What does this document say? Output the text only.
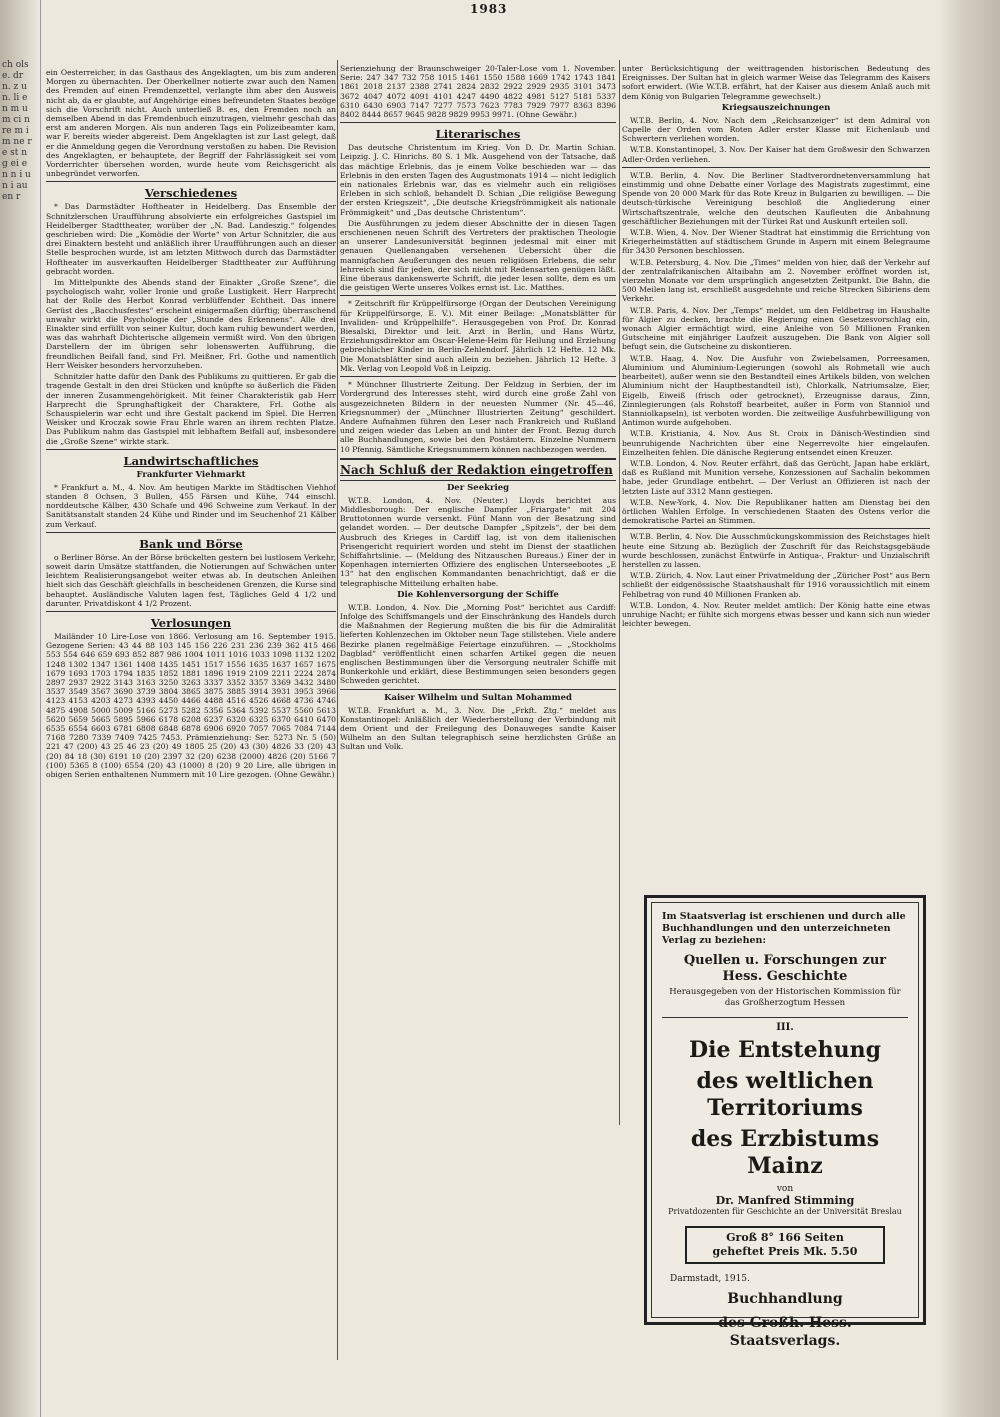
ch ols e. dr n. z u n. li e n m u m ci n re m i m ne re st ng ei en n i u n i au en r
1983

ein Oesterreicher, in das Gasthaus des Angeklagten, um bis zum anderen Morgen zu übernachten. Der Oberkellner notierte zwar auch den Namen des Fremden auf einen Fremdenzettel, verlangte ihm aber den Ausweis nicht ab, da er glaubte, auf Angehörige eines befreundeten Staates bezöge sich die Vorschrift nicht. Auch unterließ B. es, den Fremden noch an demselben Abend in das Fremdenbuch einzutragen, vielmehr geschah das erst am anderen Morgen. Als nun anderen Tags ein Polizeibeamter kam, war F. bereits wieder abgereist. Dem Angeklagten ist zur Last gelegt, daß er die Anmeldung gegen die Verordnung verstoßen zu haben. Die Revision des Angeklagten, er behauptete, der Begriff der Fahrlässigkeit sei vom Vorderrichter übersehen worden, wurde heute vom Reichsgericht als unbegründet verworfen.

Verschiedenes

* Das Darmstädter Hoftheater in Heidelberg. Das Ensemble der Schnitzlerschen Uraufführung absolvierte ein erfolgreiches Gastspiel im Heidelberger Stadttheater, worüber der „N. Bad. Landeszig.“ folgendes geschrieben wird: Die „Komödie der Worte“ von Artur Schnitzler, die aus drei Einaktern besteht und anläßlich ihrer Uraufführungen auch an dieser Stelle besprochen wurde, ist am letzten Mittwoch durch das Darmstädter Hoftheater im ausverkauften Heidelberger Stadttheater zur Aufführung gebracht worden.

Im Mittelpunkte des Abends stand der Einakter „Große Szene“, die psychologisch wahr, voller Ironie und große Lustigkeit. Herr Harprecht hat der Rolle des Herbot Konrad verblüffender Echtheit. Das innere Gerüst des „Bacchusfestes“ erscheint einigermaßen dürftig; überraschend unwahr wirkt die Psychologie der „Stunde des Erkennens“. Alle drei Einakter sind erfüllt von seiner Kultur, doch kam ruhig bewundert werden, was das wahrhaft Dichterische allgemein vermißt wird. Von den übrigen Darstellern der im übrigen sehr lobenswerten Aufführung, die freundlichen Beifall fand, sind Frl. Meißner, Frl. Gothe und namentlich Herr Weisker besonders hervorzuheben.

Schnitzler hatte dafür den Dank des Publikums zu quittieren. Er gab die tragende Gestalt in den drei Stücken und knüpfte so äußerlich die Fäden der inneren Zusammengehörigkeit. Mit feiner Charakteristik gab Herr Harprecht die Sprunghaftigkeit der Charaktere, Frl. Gothe als Schauspielerin war echt und ihre Gestalt packend im Spiel. Die Herren Weisker und Kroczak sowie Frau Ehrle waren an ihrem rechten Platze. Das Publikum nahm das Gastspiel mit lebhaftem Beifall auf, insbesondere die „Große Szene“ wirkte stark.

Landwirtschaftliches
Frankfurter Viehmarkt

* Frankfurt a. M., 4. Nov. Am heutigen Markte im Städtischen Viehhof standen 8 Ochsen, 3 Bullen, 455 Färsen und Kühe, 744 einschl. norddeutsche Kälber, 430 Schafe und 496 Schweine zum Verkauf. In der Sanitätsanstalt standen 24 Kühe und Rinder und im Seuchenhof 21 Kälber zum Verkauf.

Bank und Börse

o Berliner Börse. An der Börse bröckelten gestern bei lustlosem Verkehr, soweit darin Umsätze stattfanden, die Notierungen auf Schwächen unter leichtem Realisierungsangebot weiter etwas ab. In deutschen Anleihen hielt sich das Geschäft gleichfalls in bescheidenen Grenzen, die Kurse sind behauptet. Ausländische Valuten lagen fest, Tägliches Geld 4 1/2 und darunter. Privatdiskont 4 1/2 Prozent.

Verlosungen

Mailänder 10 Lire-Lose von 1866. Verlosung am 16. September 1915. Gezogene Serien: 43 44 88 103 145 156 226 231 236 239 362 415 466 553 554 646 659 693 852 887 986 1004 1011 1016 1033 1098 1132 1202 1248 1302 1347 1361 1408 1435 1451 1517 1556 1635 1637 1657 1675 1679 1693 1703 1794 1835 1852 1881 1896 1919 2109 2211 2224 2874 2897 2937 2922 3143 3163 3250 3263 3337 3352 3357 3369 3432 3480 3537 3549 3567 3690 3739 3804 3865 3875 3885 3914 3931 3953 3966 4123 4153 4203 4273 4393 4450 4466 4488 4516 4526 4668 4736 4746 4875 4908 5000 5009 5166 5273 5282 5356 5364 5392 5537 5560 5613 5620 5659 5665 5895 5966 6178 6208 6237 6320 6325 6370 6410 6470 6535 6554 6603 6781 6808 6848 6878 6906 6920 7057 7065 7084 7144 7168 7280 7339 7409 7425 7453. Prämienziehung: Ser. 5273 Nr. 5 (50) 221 47 (200) 43 25 46 23 (20) 49 1805 25 (20) 43 (30) 4826 33 (20) 43 (20) 84 18 (30) 6191 10 (20) 2397 32 (20) 6238 (2000) 4826 (20) 5166 7 (100) 5365 8 (100) 6554 (20) 43 (1000) 8 (20) 9 20 Lire, alle übrigen in obigen Serien enthaltenen Nummern mit 10 Lire gezogen. (Ohne Gewähr.)

Serienziehung der Braunschweiger 20-Taler-Lose vom 1. November. Serie: 247 347 732 758 1015 1461 1550 1588 1669 1742 1743 1841 1861 2018 2137 2388 2741 2824 2832 2922 2929 2935 3101 3473 3672 4047 4072 4091 4101 4247 4490 4822 4981 5127 5181 5337 6310 6430 6903 7147 7277 7573 7623 7783 7929 7977 8363 8396 8402 8444 8657 9645 9828 9829 9953 9971. (Ohne Gewähr.)

Literarisches

Das deutsche Christentum im Krieg. Von D. Dr. Martin Schian. Leipzig. J. C. Hinrichs. 80 S. 1 Mk. Ausgehend von der Tatsache, daß das mächtige Erlebnis, das je einem Volke beschieden war — das Erlebnis in den ersten Tagen des Augustmonats 1914 — nicht lediglich ein nationales Erlebnis war, das es vielmehr auch ein religiöses Erleben in sich schloß, behandelt D. Schian „Die religiöse Bewegung der ersten Kriegszeit“, „Die deutsche Kriegsfrömmigkeit als nationale Frömmigkeit“ und „Das deutsche Christentum“.

Die Ausführungen zu jedem dieser Abschnitte der in diesen Tagen erschienenen neuen Schrift des Vertreters der praktischen Theologie an unserer Landesuniversität beginnen jedesmal mit einer mit genauen Quellenangaben versehenen Uebersicht über die mannigfachen Aeußerungen des neuen religiösen Erlebens, die sehr lehrreich sind für jeden, der sich nicht mit Redensarten genügen läßt. Eine überaus dankenswerte Schrift, die jeder lesen sollte, dem es um die geistigen Werte unseres Volkes ernst ist. Lic. Matthes.

* Zeitschrift für Krüppelfürsorge (Organ der Deutschen Vereinigung für Krüppelfürsorge, E. V.). Mit einer Beilage: „Monatsblätter für Invaliden- und Krüppelhilfe“. Herausgegeben von Prof. Dr. Konrad Biesalski, Direktor und leit. Arzt in Berlin, und Hans Würtz, Erziehungsdirektor am Oscar-Helene-Heim für Heilung und Erziehung gebrechlicher Kinder in Berlin-Zehlendorf. Jährlich 12 Hefte. 12 Mk. Die Monatsblätter sind auch allein zu beziehen. Jährlich 12 Hefte. 3 Mk. Verlag von Leopold Voß in Leipzig.

* Münchner Illustrierte Zeitung. Der Feldzug in Serbien, der im Vordergrund des Interesses steht, wird durch eine große Zahl von ausgezeichneten Bildern in der neuesten Nummer (Nr. 45—46, Kriegsnummer) der „Münchner Illustrierten Zeitung“ geschildert. Andere Aufnahmen führen den Leser nach Frankreich und Rußland und zeigen wieder das Leben an und hinter der Front. Bezug durch alle Buchhandlungen, sowie bei den Postämtern. Einzelne Nummern 10 Pfennig. Sämtliche Kriegsnummern können nachbezogen werden.

Nach Schluß der Redaktion eingetroffen
Der Seekrieg

W.T.B. London, 4. Nov. (Neuter.) Lloyds berichtet aus Middlesborough: Der englische Dampfer „Friargate“ mit 204 Bruttotonnen wurde versenkt. Fünf Mann von der Besatzung sind gelandet worden. — Der deutsche Dampfer „Spitzels“, der bei dem Ausbruch des Krieges in Cardiff lag, ist von dem italienischen Prisengericht requiriert worden und steht im Dienst der staatlichen Schiffahrtslinie. — (Meldung des Nitzauschen Bureaus.) Einer der in Kopenhagen internierten Offiziere des englischen Unterseebootes „E 13“ hat den englischen Kommandanten benachrichtigt, daß er die telegraphische Mitteilung erhalten habe.

Die Kohlenversorgung der Schiffe

W.T.B. London, 4. Nov. Die „Morning Post“ berichtet aus Cardiff: Infolge des Schiffsmangels und der Einschränkung des Handels durch die Maßnahmen der Regierung mußten die bis für die Admiralität lieferten Kohlenzechen im Oktober neun Tage stillstehen. Viele andere Bezirke planen regelmäßige Feiertage einzuführen. — „Stockholms Dagblad“ veröffentlicht einen scharfen Artikel gegen die neuen englischen Bestimmungen über die Versorgung neutraler Schiffe mit Bunkerkohle und erklärt, diese Bestimmungen seien besonders gegen Schweden gerichtet.

Kaiser Wilhelm und Sultan Mohammed

W.T.B. Frankfurt a. M., 3. Nov. Die „Frkft. Ztg.“ meldet aus Konstantinopel: Anläßlich der Wiederherstellung der Verbindung mit dem Orient und der Freilegung des Donauweges sandte Kaiser Wilhelm an den Sultan telegraphisch seine herzlichsten Grüße an Sultan und Volk.

unter Berücksichtigung der weittragenden historischen Bedeutung des Ereignisses. Der Sultan hat in gleich warmer Weise das Telegramm des Kaisers sofort erwidert. (Wie W.T.B. erfährt, hat der Kaiser aus diesem Anlaß auch mit dem König von Bulgarien Telegramme gewechselt.)

Kriegsauszeichnungen

W.T.B. Berlin, 4. Nov. Nach dem „Reichsanzeiger“ ist dem Admiral von Capelle der Orden vom Roten Adler erster Klasse mit Eichenlaub und Schwertern verliehen worden.

W.T.B. Konstantinopel, 3. Nov. Der Kaiser hat dem Großwesir den Schwarzen Adler-Orden verliehen.

W.T.B. Berlin, 4. Nov. Die Berliner Stadtverordnetenversammlung hat einstimmig und ohne Debatte einer Vorlage des Magistrats zugestimmt, eine Spende von 20 000 Mark für das Rote Kreuz in Bulgarien zu bewilligen. — Die deutsch-türkische Vereinigung beschloß die Angliederung einer Wirtschaftszentrale, welche den deutschen Kaufleuten die Anbahnung geschäftlicher Beziehungen mit der Türkei Rat und Auskunft erteilen soll.

W.T.B. Wien, 4. Nov. Der Wiener Stadtrat hat einstimmig die Errichtung von Kriegerheimstätten auf städtischem Grunde in Aspern mit einem Belegraume für 3430 Personen beschlossen.

W.T.B. Petersburg, 4. Nov. Die „Times“ melden von hier, daß der Verkehr auf der zentralafrikanischen Altaibahn am 2. November eröffnet worden ist, vierzehn Monate vor dem ursprünglich angesetzten Zeitpunkt. Die Bahn, die 500 Meilen lang ist, erschließt ausgedehnte und reiche Strecken Sibiriens dem Verkehr.

W.T.B. Paris, 4. Nov. Der „Temps“ meldet, um den Feldbetrag im Haushalte für Algier zu decken, brachte die Regierung einen Gesetzesvorschlag ein, wonach Algier ermächtigt wird, eine Anleihe von 50 Millionen Franken Gutscheine mit einjähriger Laufzeit auszugeben. Die Bank von Algier soll befugt sein, die Gutscheine zu diskontieren.

W.T.B. Haag, 4. Nov. Die Ausfuhr von Zwiebelsamen, Porreesamen, Aluminium und Aluminium-Legierungen (sowohl als Rohmetall wie auch bearbeitet), außer wenn sie den Bestandteil eines Artikels bilden, von welchen Aluminium nicht der Hauptbestandteil ist), Chlorkalk, Natriumsalze, Eier, Eigelb, Eiweiß (frisch oder getrocknet), Erzeugnisse daraus, Zinn, Zinnlegierungen (als Rohstoff bearbeitet, außer in Form von Stanniol und Stanniolkapseln), ist verboten worden. Die zeitweilige Ausfuhrbewilligung von Antimon wurde aufgehoben.

W.T.B. Kristiania, 4. Nov. Aus St. Croix in Dänisch-Westindien sind beunruhigende Nachrichten über eine Negerrevolte hier eingelaufen. Einzelheiten fehlen. Die dänische Regierung entsendet einen Kreuzer.

W.T.B. London, 4. Nov. Reuter erfährt, daß das Gerücht, Japan habe erklärt, daß es Rußland mit Munition versehe, Konzessionen auf Sachalin bekommen habe, jeder Grundlage entbehrt. — Der Verlust an Offizieren ist nach der letzten Liste auf 3312 Mann gestiegen.

W.T.B. New-York, 4. Nov. Die Republikaner hatten am Dienstag bei den örtlichen Wahlen Erfolge. In verschiedenen Staaten des Ostens verlor die demokratische Partei an Stimmen.

W.T.B. Berlin, 4. Nov. Die Ausschmückungskommission des Reichstages hielt heute eine Sitzung ab. Bezüglich der Zuschrift für das Reichstagsgebäude wurde beschlossen, zunächst Entwürfe in Antiqua-, Fraktur- und Unzialschrift herstellen zu lassen.

W.T.B. Zürich, 4. Nov. Laut einer Privatmeldung der „Züricher Post“ aus Bern schließt der eidgenössische Staatshaushalt für 1916 voraussichtlich mit einem Fehlbetrag von rund 40 Millionen Franken ab.

W.T.B. London, 4. Nov. Reuter meldet amtlich: Der König hatte eine etwas unruhige Nacht; er fühlte sich morgens etwas besser und kann sich nun wieder leichter bewegen.

Im Staatsverlag ist erschienen und durch alle Buchhandlungen und den unterzeichneten Verlag zu beziehen:
Quellen u. Forschungen zur Hess. Geschichte
Herausgegeben von der Historischen Kommission für das Großherzogtum Hessen
III.
Die Entstehung
des weltlichen Territoriums
des Erzbistums Mainz
von
Dr. Manfred Stimming
Privatdozenten für Geschichte an der Universität Breslau
Groß 8° 166 Seiten
geheftet Preis Mk. 5.50
Darmstadt, 1915.
Buchhandlung
des Großh. Hess. Staatsverlags.
